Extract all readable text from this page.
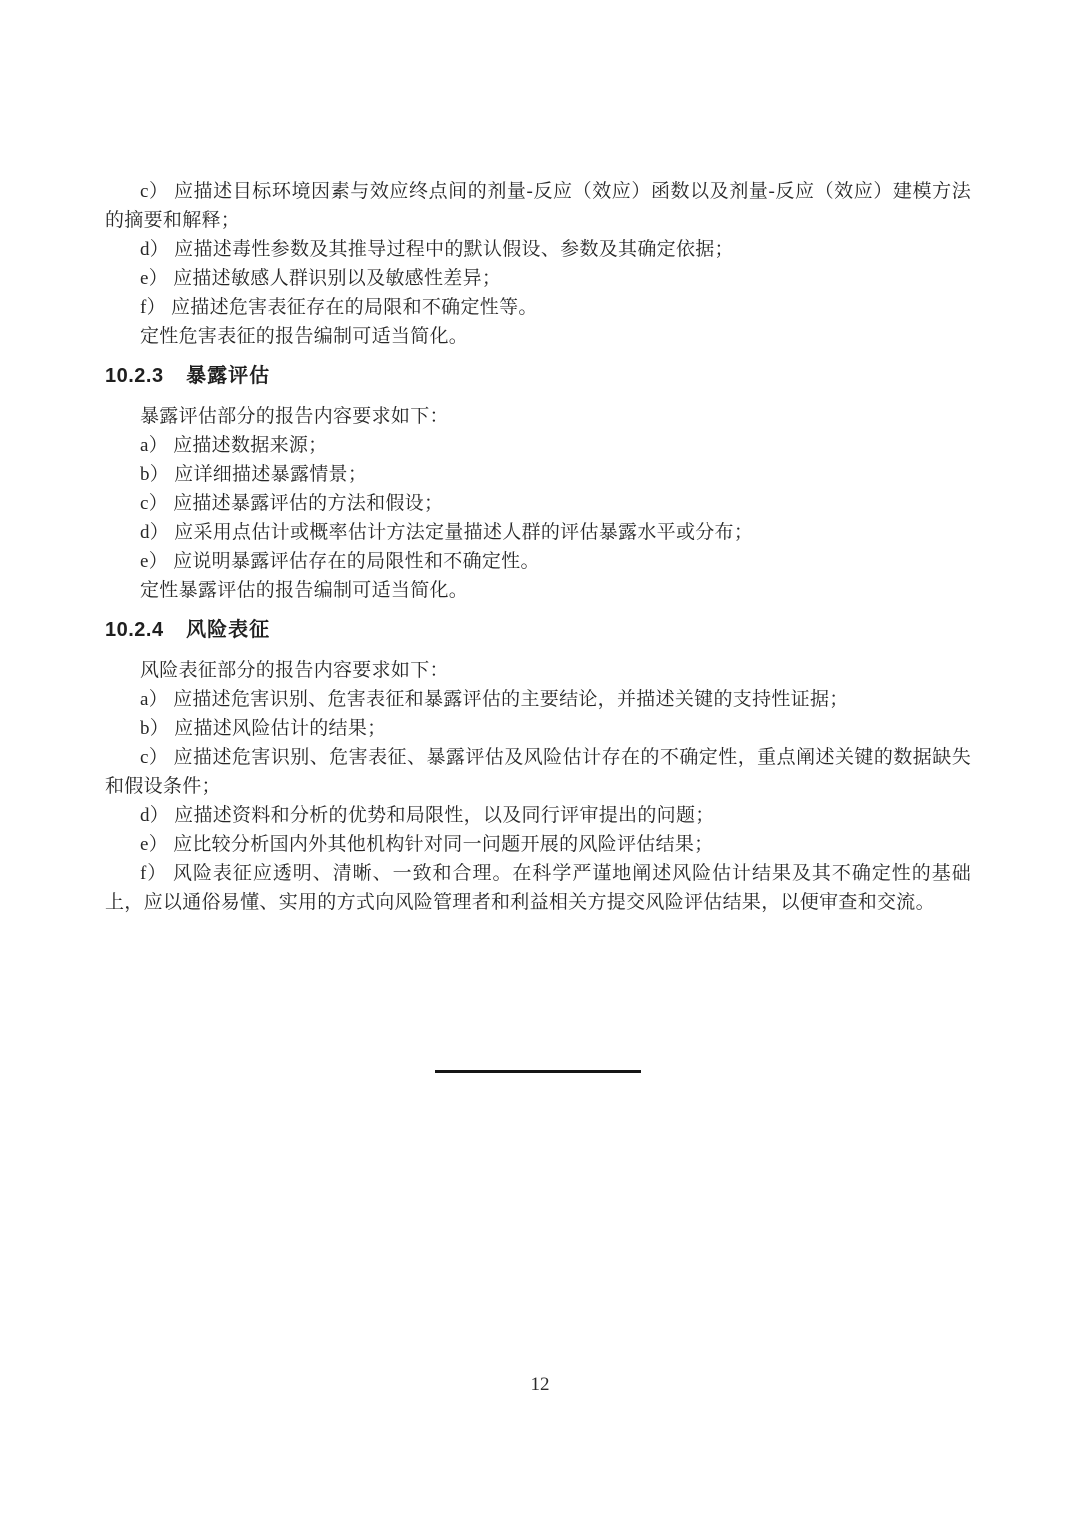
c） 应描述目标环境因素与效应终点间的剂量-反应（效应）函数以及剂量-反应（效应）建模方法的摘要和解释；

d） 应描述毒性参数及其推导过程中的默认假设、参数及其确定依据；

e） 应描述敏感人群识别以及敏感性差异；

f） 应描述危害表征存在的局限和不确定性等。

定性危害表征的报告编制可适当简化。

10.2.3 暴露评估

暴露评估部分的报告内容要求如下：

a） 应描述数据来源；

b） 应详细描述暴露情景；

c） 应描述暴露评估的方法和假设；

d） 应采用点估计或概率估计方法定量描述人群的评估暴露水平或分布；

e） 应说明暴露评估存在的局限性和不确定性。

定性暴露评估的报告编制可适当简化。

10.2.4 风险表征

风险表征部分的报告内容要求如下：

a） 应描述危害识别、危害表征和暴露评估的主要结论，并描述关键的支持性证据；

b） 应描述风险估计的结果；

c） 应描述危害识别、危害表征、暴露评估及风险估计存在的不确定性，重点阐述关键的数据缺失和假设条件；

d） 应描述资料和分析的优势和局限性，以及同行评审提出的问题；

e） 应比较分析国内外其他机构针对同一问题开展的风险评估结果；

f） 风险表征应透明、清晰、一致和合理。在科学严谨地阐述风险估计结果及其不确定性的基础上，应以通俗易懂、实用的方式向风险管理者和利益相关方提交风险评估结果，以便审查和交流。

12
